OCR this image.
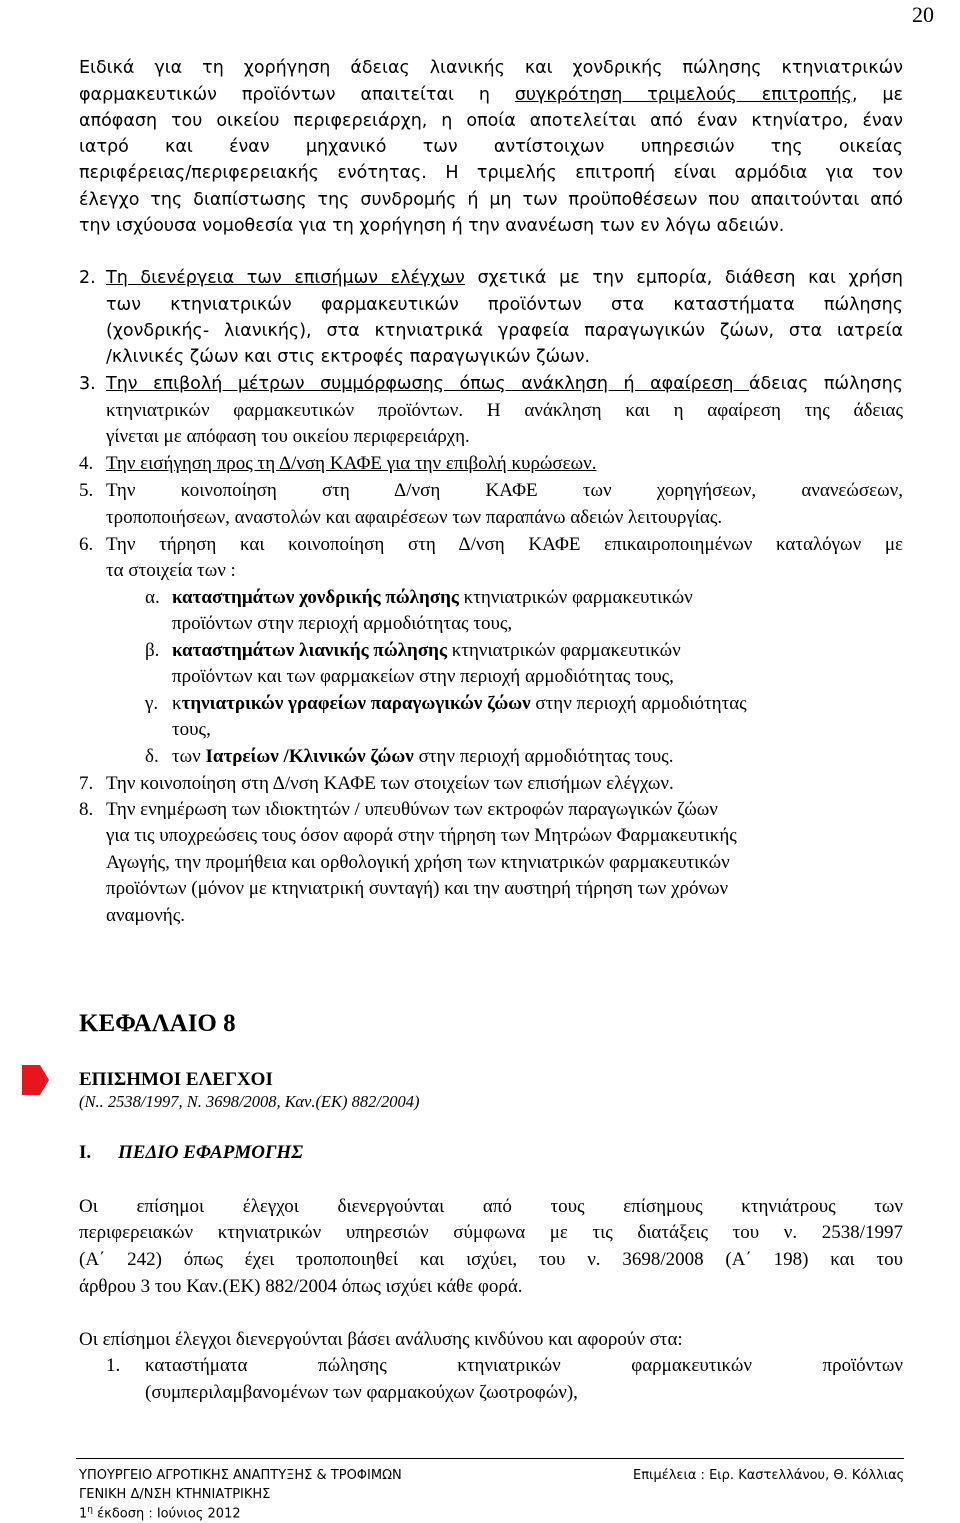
20
Ειδικά για τη χορήγηση άδειας λιανικής και χονδρικής πώλησης κτηνιατρικών
φαρμακευτικών προϊόντων απαιτείται η συγκρότηση τριμελούς επιτροπής, με
απόφαση του οικείου περιφερειάρχη, η οποία αποτελείται από έναν κτηνίατρο, έναν
ιατρό και έναν μηχανικό των αντίστοιχων υπηρεσιών της οικείας
περιφέρειας/περιφερειακής ενότητας. Η τριμελής επιτροπή είναι αρμόδια για τον
έλεγχο της διαπίστωσης της συνδρομής ή μη των προϋποθέσεων που απαιτούνται από
την ισχύουσα νομοθεσία για τη χορήγηση ή την ανανέωση των εν λόγω αδειών.
2. Τη διενέργεια των επισήμων ελέγχων σχετικά με την εμπορία, διάθεση και χρήση
των κτηνιατρικών φαρμακευτικών προϊόντων στα καταστήματα πώλησης
(χονδρικής- λιανικής), στα κτηνιατρικά γραφεία παραγωγικών ζώων, στα ιατρεία
/κλινικές ζώων και στις εκτροφές παραγωγικών ζώων.
3. Την επιβολή μέτρων συμμόρφωσης όπως ανάκληση ή αφαίρεση άδειας πώλησης
κτηνιατρικών φαρμακευτικών προϊόντων. Η ανάκληση και η αφαίρεση της άδειας
γίνεται με απόφαση του οικείου περιφερειάρχη.
4. Την εισήγηση προς τη Δ/νση ΚΑΦΕ για την επιβολή κυρώσεων.
5. Την κοινοποίηση στη Δ/νση ΚΑΦΕ των χορηγήσεων, ανανεώσεων,
τροποποιήσεων, αναστολών και αφαιρέσεων των παραπάνω αδειών λειτουργίας.
6. Την τήρηση και κοινοποίηση στη Δ/νση ΚΑΦΕ επικαιροποιημένων καταλόγων με
τα στοιχεία των :
α. καταστημάτων χονδρικής πώλησης κτηνιατρικών φαρμακευτικών
προϊόντων στην περιοχή αρμοδιότητας τους,
β. καταστημάτων λιανικής πώλησης κτηνιατρικών φαρμακευτικών
προϊόντων και των φαρμακείων στην περιοχή αρμοδιότητας τους,
γ. κτηνιατρικών γραφείων παραγωγικών ζώων στην περιοχή αρμοδιότητας
τους,
δ. των Ιατρείων /Κλινικών ζώων στην περιοχή αρμοδιότητας τους.
7. Την κοινοποίηση στη Δ/νση ΚΑΦΕ των στοιχείων των επισήμων ελέγχων.
8. Την ενημέρωση των ιδιοκτητών / υπευθύνων των εκτροφών παραγωγικών ζώων
για τις υποχρεώσεις τους όσον αφορά στην τήρηση των Μητρώων Φαρμακευτικής
Αγωγής, την προμήθεια και ορθολογική χρήση των κτηνιατρικών φαρμακευτικών
προϊόντων (μόνον με κτηνιατρική συνταγή) και την αυστηρή τήρηση των χρόνων
αναμονής.
ΚΕΦΑΛΑΙΟ 8
ΕΠΙΣΗΜΟΙ ΕΛΕΓΧΟΙ
(Ν.. 2538/1997, Ν. 3698/2008, Καν.(ΕΚ) 882/2004)
Ι. ΠΕΔΙΟ ΕΦΑΡΜΟΓΗΣ
Οι επίσημοι έλεγχοι διενεργούνται από τους επίσημους κτηνιάτρους των
περιφερειακών κτηνιατρικών υπηρεσιών σύμφωνα με τις διατάξεις του ν. 2538/1997
(Α΄ 242) όπως έχει τροποποιηθεί και ισχύει, του ν. 3698/2008 (Α΄ 198) και του
άρθρου 3 του Καν.(ΕΚ) 882/2004 όπως ισχύει κάθε φορά.
Οι επίσημοι έλεγχοι διενεργούνται βάσει ανάλυσης κινδύνου και αφορούν στα:
1. καταστήματα πώλησης κτηνιατρικών φαρμακευτικών προϊόντων
(συμπεριλαμβανομένων των φαρμακούχων ζωοτροφών),
ΥΠΟΥΡΓΕΙΟ ΑΓΡΟΤΙΚΗΣ ΑΝΑΠΤΥΞΗΣ & ΤΡΟΦΙΜΩΝ
ΓΕΝΙΚΗ Δ/ΝΣΗ ΚΤΗΝΙΑΤΡΙΚΗΣ
$1^\eta$ έκδοση : Ιούνιος 2012
Επιμέλεια : Ειρ. Καστελλάνου, Θ. Κόλλιας
